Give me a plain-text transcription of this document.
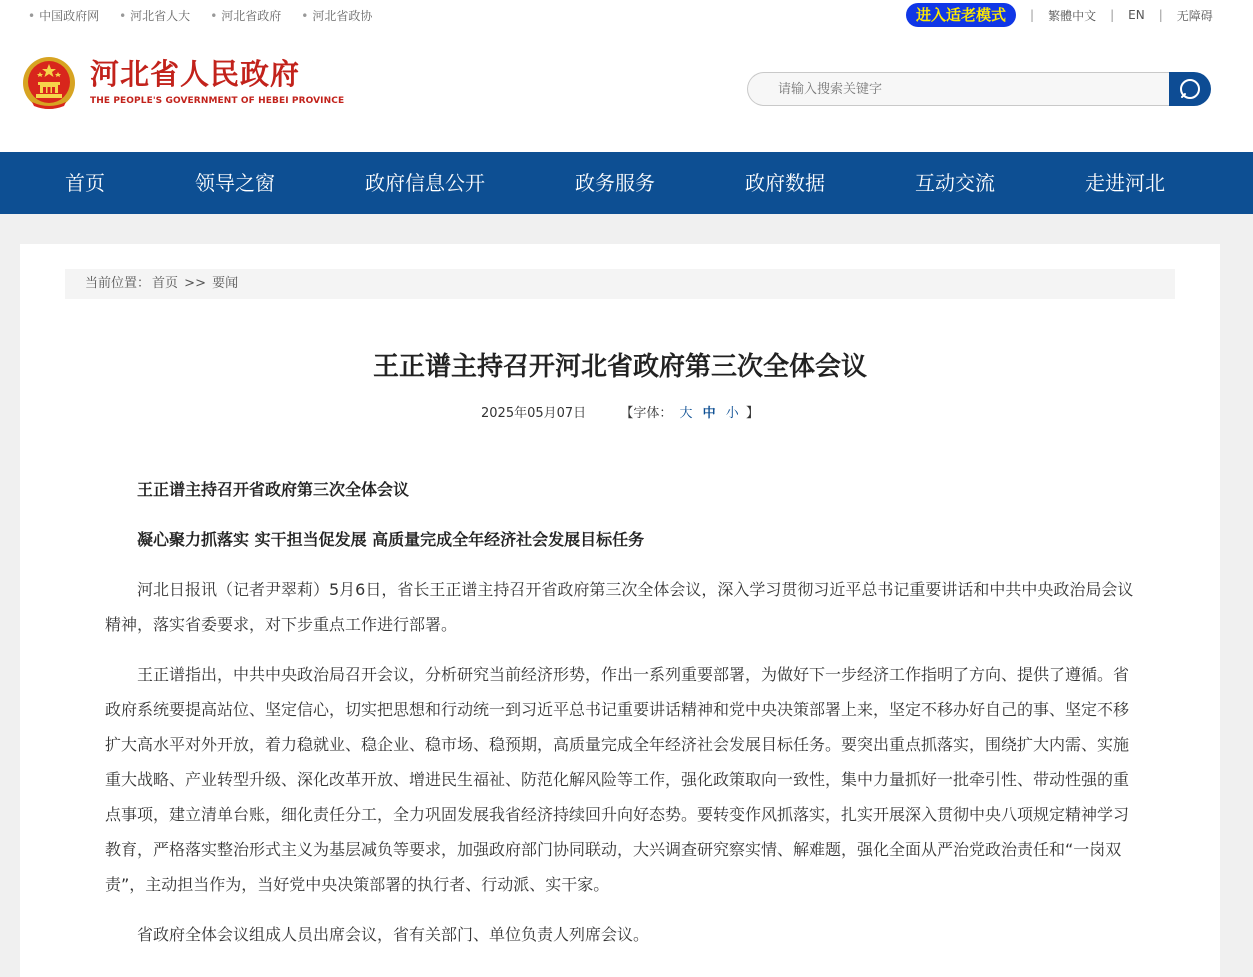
• 中国政府网 • 河北省人大 • 河北省政府 • 河北省政协	进入适老模式	| 繁體中文 | EN | 无障碍
河北省人民政府
THE PEOPLE'S GOVERNMENT OF HEBEI PROVINCE
请输入搜索关键字
首页	领导之窗	政府信息公开	政务服务	政府数据	互动交流	走进河北
当前位置： 首页 >> 要闻
王正谱主持召开河北省政府第三次全体会议
2025年05月07日	【字体： 大 中 小 】

王正谱主持召开省政府第三次全体会议

凝心聚力抓落实 实干担当促发展 高质量完成全年经济社会发展目标任务

河北日报讯（记者尹翠莉）5月6日，省长王正谱主持召开省政府第三次全体会议，深入学习贯彻习近平总书记重要讲话和中共中央政治局会议精神，落实省委要求，对下步重点工作进行部署。

王正谱指出，中共中央政治局召开会议，分析研究当前经济形势，作出一系列重要部署，为做好下一步经济工作指明了方向、提供了遵循。省政府系统要提高站位、坚定信心，切实把思想和行动统一到习近平总书记重要讲话精神和党中央决策部署上来，坚定不移办好自己的事、坚定不移扩大高水平对外开放，着力稳就业、稳企业、稳市场、稳预期，高质量完成全年经济社会发展目标任务。要突出重点抓落实，围绕扩大内需、实施重大战略、产业转型升级、深化改革开放、增进民生福祉、防范化解风险等工作，强化政策取向一致性，集中力量抓好一批牵引性、带动性强的重点事项，建立清单台账，细化责任分工，全力巩固发展我省经济持续回升向好态势。要转变作风抓落实，扎实开展深入贯彻中央八项规定精神学习教育，严格落实整治形式主义为基层减负等要求，加强政府部门协同联动，大兴调查研究察实情、解难题，强化全面从严治党政治责任和“一岗双责”，主动担当作为，当好党中央决策部署的执行者、行动派、实干家。

省政府全体会议组成人员出席会议，省有关部门、单位负责人列席会议。
